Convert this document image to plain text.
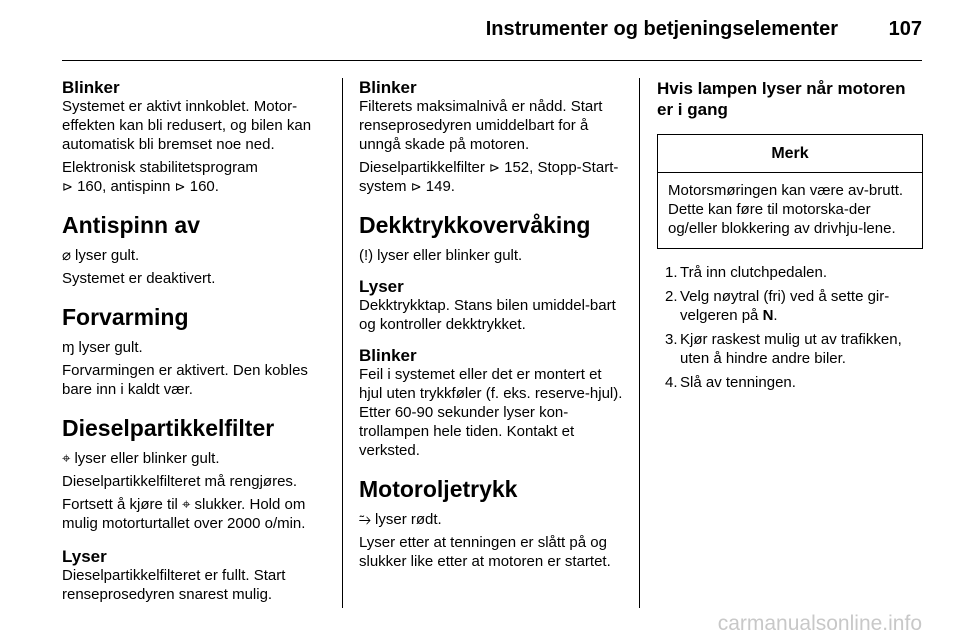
Instrumenter og betjeningselementer	107
Blinker

Systemet er aktivt innkoblet. Motor-effekten kan bli redusert, og bilen kan automatisk bli bremset noe ned.

Elektronisk stabilitetsprogram
⊳ 160, antispinn ⊳ 160.

Antispinn av

⌀ lyser gult.

Systemet er deaktivert.

Forvarming

ɱ lyser gult.

Forvarmingen er aktivert. Den kobles bare inn i kaldt vær.

Dieselpartikkelfilter

⌖ lyser eller blinker gult.

Dieselpartikkelfilteret må rengjøres.

Fortsett å kjøre til ⌖ slukker. Hold om mulig motorturtallet over 2000 o/min.

Lyser

Dieselpartikkelfilteret er fullt. Start renseprosedyren snarest mulig.

Blinker

Filterets maksimalnivå er nådd. Start renseprosedyren umiddelbart for å unngå skade på motoren.

Dieselpartikkelfilter ⊳ 152, Stopp-Start-system ⊳ 149.

Dekktrykkovervåking

(!) lyser eller blinker gult.

Lyser

Dekktrykktap. Stans bilen umiddel-bart og kontroller dekktrykket.

Blinker

Feil i systemet eller det er montert et hjul uten trykkføler (f. eks. reserve-hjul). Etter 60-90 sekunder lyser kon-trollampen hele tiden. Kontakt et verksted.

Motoroljetrykk

⥲ lyser rødt.

Lyser etter at tenningen er slått på og slukker like etter at motoren er startet.

Hvis lampen lyser når motoren er i gang
Merk
Motorsmøringen kan være av-brutt. Dette kan føre til motorska-der og/eller blokkering av drivhju-lene.
1. Trå inn clutchpedalen.
2. Velg nøytral (fri) ved å sette gir-velgeren på N.
3. Kjør raskest mulig ut av trafikken, uten å hindre andre biler.
4. Slå av tenningen.
carmanualsonline.info
